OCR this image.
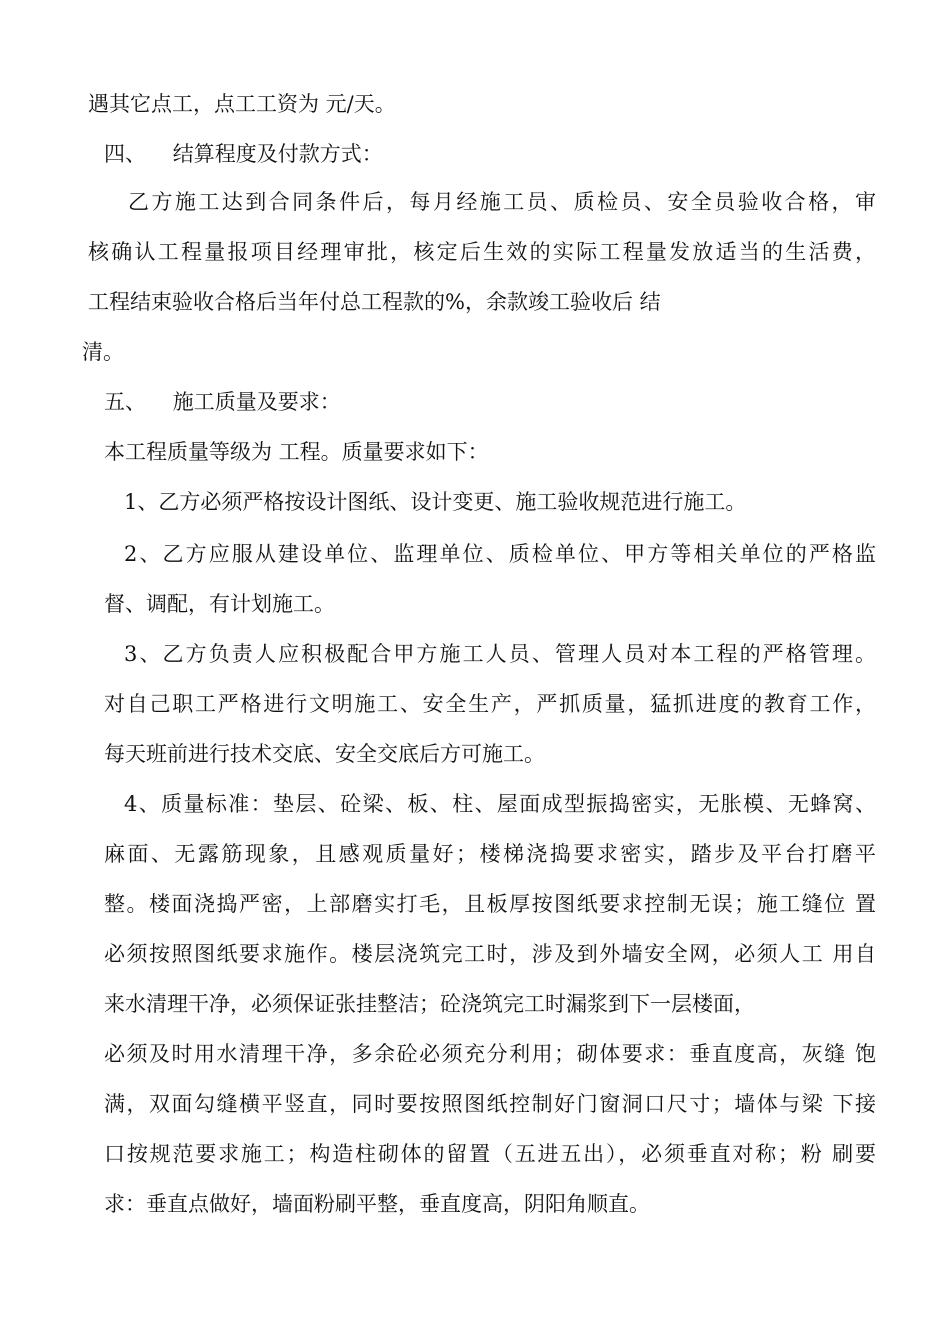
遇其它点工，点工工资为 元/天。
四、    结算程度及付款方式：
乙方施工达到合同条件后，每月经施工员、质检员、安全员验收合格，审
核确认工程量报项目经理审批，核定后生效的实际工程量发放适当的生活费，
工程结束验收合格后当年付总工程款的%，余款竣工验收后 结
清。
五、    施工质量及要求：
本工程质量等级为 工程。质量要求如下：
1、乙方必须严格按设计图纸、设计变更、施工验收规范进行施工。
2、乙方应服从建设单位、监理单位、质检单位、甲方等相关单位的严格监
督、调配，有计划施工。
3、乙方负责人应积极配合甲方施工人员、管理人员对本工程的严格管理。
对自己职工严格进行文明施工、安全生产，严抓质量，猛抓进度的教育工作，
每天班前进行技术交底、安全交底后方可施工。
4、质量标准：垫层、砼梁、板、柱、屋面成型振捣密实，无胀模、无蜂窝、
麻面、无露筋现象，且感观质量好；楼梯浇捣要求密实，踏步及平台打磨平
整。楼面浇捣严密，上部磨实打毛，且板厚按图纸要求控制无误；施工缝位 置
必须按照图纸要求施作。楼层浇筑完工时，涉及到外墙安全网，必须人工 用自
来水清理干净，必须保证张挂整洁；砼浇筑完工时漏浆到下一层楼面，
必须及时用水清理干净，多余砼必须充分利用；砌体要求：垂直度高，灰缝 饱
满，双面勾缝横平竖直，同时要按照图纸控制好门窗洞口尺寸；墙体与梁 下接
口按规范要求施工；构造柱砌体的留置（五进五出），必须垂直对称；粉 刷要
求：垂直点做好，墙面粉刷平整，垂直度高，阴阳角顺直。
